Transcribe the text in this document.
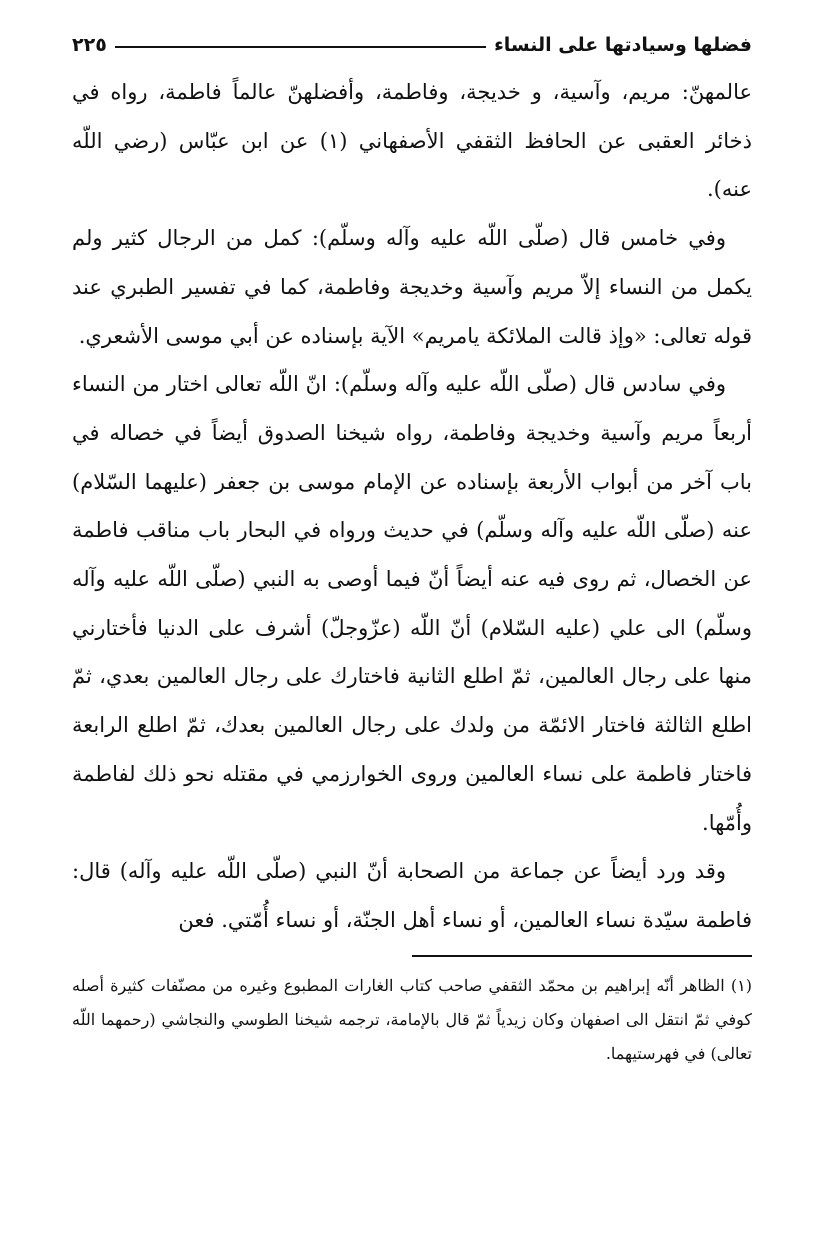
فضلها وسيادتها على النساء
٢٢٥

عالمهنّ: مريم، وآسية، و خديجة، وفاطمة، وأفضلهنّ عالماً فاطمة، رواه في ذخائر العقبى عن الحافظ الثقفي الأصفهاني (١) عن ابن عبّاس (رضي اللّه عنه).

وفي خامس قال (صلّى اللّه عليه وآله وسلّم): كمل من الرجال كثير ولم يكمل من النساء إلاّ مريم وآسية وخديجة وفاطمة، كما في تفسير الطبري عند قوله تعالى: «وإذ قالت الملائكة يامريم» الآية بإسناده عن أبي موسى الأشعري.

وفي سادس قال (صلّى اللّه عليه وآله وسلّم): انّ اللّه تعالى اختار من النساء أربعاً مريم وآسية وخديجة وفاطمة، رواه شيخنا الصدوق أيضاً في خصاله في باب آخر من أبواب الأربعة بإسناده عن الإمام موسى بن جعفر (عليهما السّلام) عنه (صلّى اللّه عليه وآله وسلّم) في حديث ورواه في البحار باب مناقب فاطمة عن الخصال، ثم روى فيه عنه أيضاً أنّ فيما أوصى به النبي (صلّى اللّه عليه وآله وسلّم) الى علي (عليه السّلام) أنّ اللّه (عزّوجلّ) أشرف على الدنيا فأختارني منها على رجال العالمين، ثمّ اطلع الثانية فاختارك على رجال العالمين بعدي، ثمّ اطلع الثالثة فاختار الائمّة من ولدك على رجال العالمين بعدك، ثمّ اطلع الرابعة فاختار فاطمة على نساء العالمين وروى الخوارزمي في مقتله نحو ذلك لفاطمة وأُمّها.

وقد ورد أيضاً عن جماعة من الصحابة أنّ النبي (صلّى اللّه عليه وآله) قال: فاطمة سيّدة نساء العالمين، أو نساء أهل الجنّة، أو نساء أُمّتي. فعن

(١) الظاهر أنّه إبراهيم بن محمّد الثقفي صاحب كتاب الغارات المطبوع وغيره من مصنّفات كثيرة أصله كوفي ثمّ انتقل الى اصفهان وكان زيدياً ثمّ قال بالإمامة، ترجمه شيخنا الطوسي والنجاشي (رحمهما اللّه تعالى) في فهرستيهما.
